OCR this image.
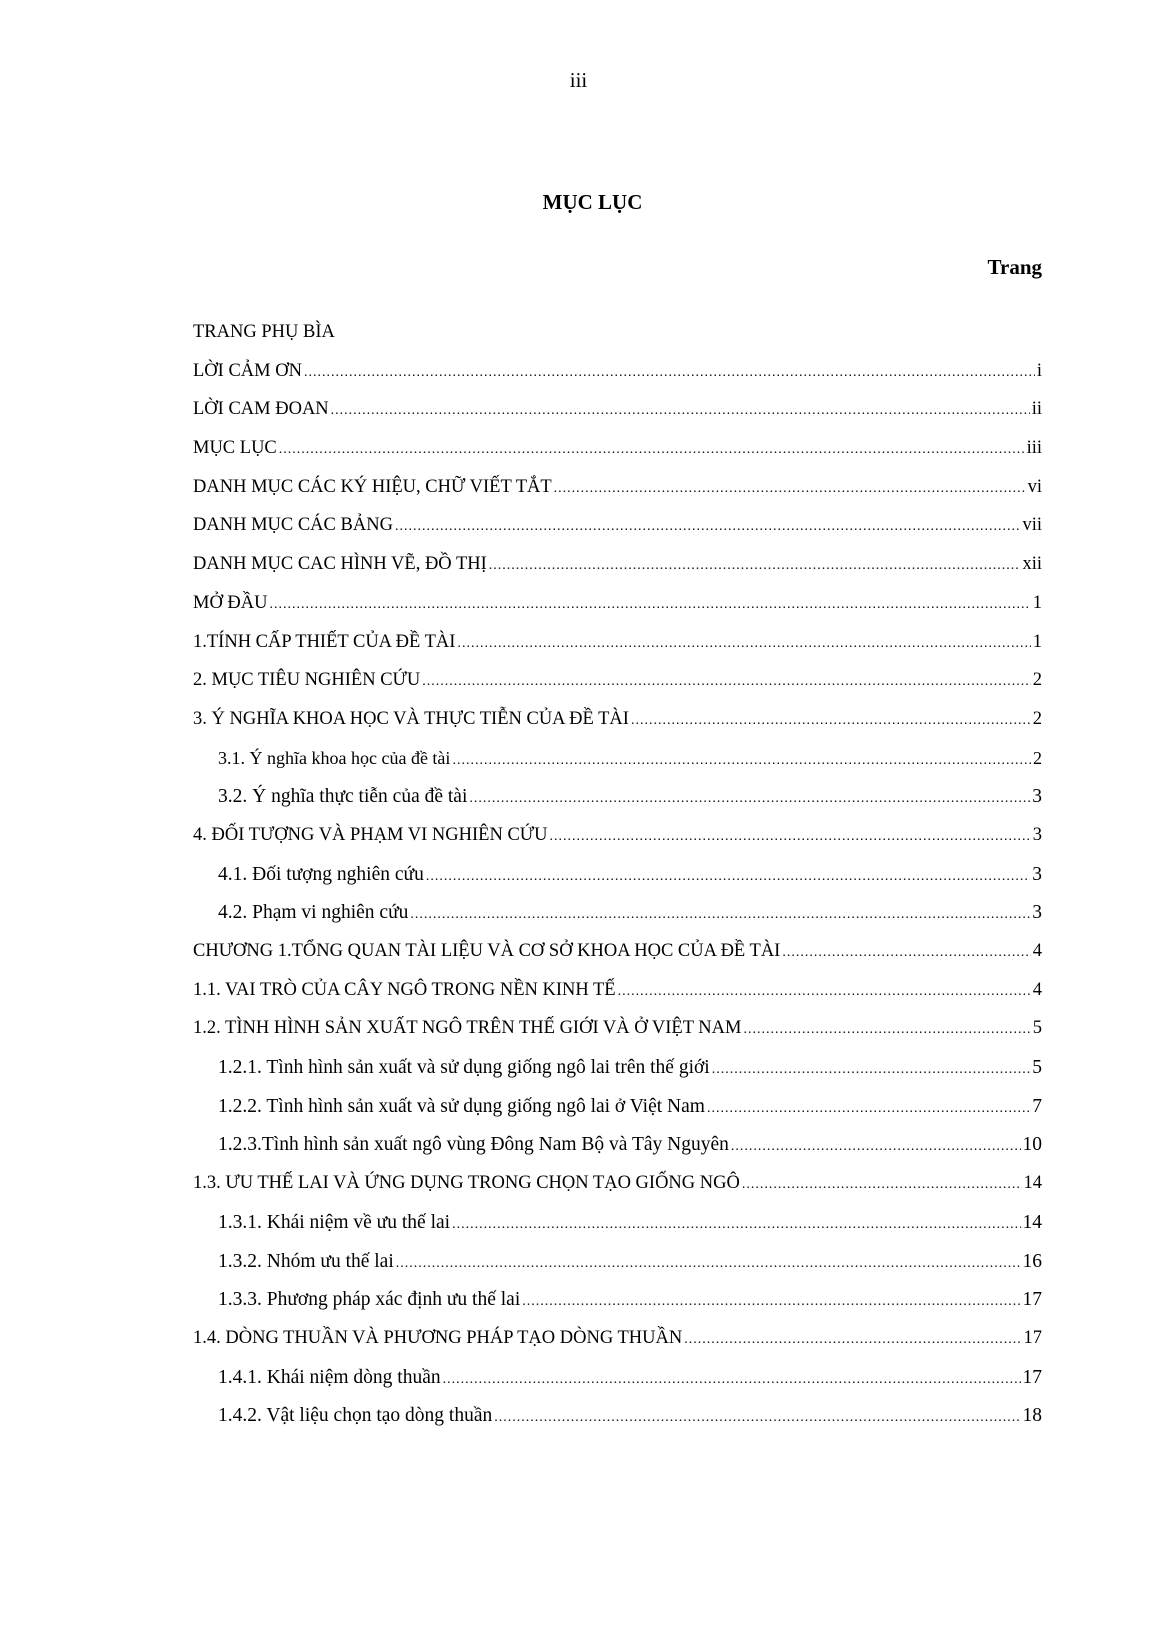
iii
MỤC LỤC
Trang
TRANG PHỤ BÌA
LỜI CẢM ƠN .....	i
LỜI CAM ĐOAN .....	ii
MỤC LỤC .....	iii
DANH MỤC CÁC KÝ HIỆU, CHỮ VIẾT TẮT .....	vi
DANH MỤC CÁC BẢNG .....	vii
DANH MỤC CAC HÌNH VẼ, ĐỒ THỊ .....	xii
MỞ ĐẦU .....	1
1.TÍNH CẤP THIẾT CỦA ĐỀ TÀI .....	1
2. MỤC TIÊU NGHIÊN CỨU .....	2
3. Ý NGHĨA KHOA HỌC VÀ THỰC TIỄN CỦA ĐỀ TÀI .....	2
3.1. Ý nghĩa khoa học của đề tài .....	2
3.2. Ý nghĩa thực tiễn của đề tài .....	3
4. ĐỐI TƯỢNG VÀ PHẠM VI NGHIÊN CỨU .....	3
4.1. Đối tượng nghiên cứu .....	3
4.2. Phạm vi nghiên cứu .....	3
CHƯƠNG 1.TỔNG QUAN TÀI LIỆU VÀ CƠ SỞ KHOA HỌC CỦA ĐỀ TÀI .....	4
1.1. VAI TRÒ CỦA CÂY NGÔ TRONG NỀN KINH TẾ .....	4
1.2. TÌNH HÌNH SẢN XUẤT NGÔ TRÊN THẾ GIỚI VÀ Ở VIỆT NAM .....	5
1.2.1. Tình hình sản xuất và sử dụng giống ngô lai trên thế giới .....	5
1.2.2. Tình hình sản xuất và sử dụng giống ngô lai ở Việt Nam .....	7
1.2.3.Tình hình sản xuất ngô vùng Đông Nam Bộ và Tây Nguyên .....	10
1.3. ƯU THẾ LAI VÀ ỨNG DỤNG TRONG CHỌN TẠO GIỐNG NGÔ .....	14
1.3.1. Khái niệm về ưu thế lai .....	14
1.3.2. Nhóm ưu thế lai .....	16
1.3.3. Phương pháp xác định ưu thế lai .....	17
1.4. DÒNG THUẦN VÀ PHƯƠNG PHÁP TẠO DÒNG THUẦN .....	17
1.4.1. Khái niệm dòng thuần .....	17
1.4.2. Vật liệu chọn tạo dòng thuần .....	18
